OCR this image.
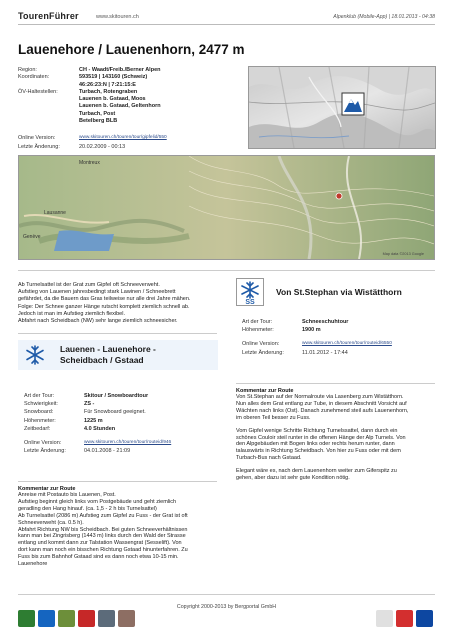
TourenFührer	www.skitouren.ch	Alpenklub (Mobile-App) | 18.01.2013 - 04:38
Lauenehore / Lauenenhorn, 2477 m
Region:	CH - Waadt/Freib./Berner Alpen
Koordinaten:	593519 | 143160 (Schweiz)
46:26:23:N | 7:21:15:E
ÖV-Haltestellen:	Turbach, Rotengraben
Lauenen b. Gstaad, Moos
Lauenen b. Gstaad, Geltenhorn
Turbach, Post
Betelberg BLB
Online Version:	www.skitouren.ch/touren/tour/gipfelid/550
Letzte Änderung:	20.02.2009 - 00:13
Montreux
Lausanne
Genève
Map data ©2013 Google
Ab Turnelsattel ist der Grat zum Gipfel oft Schneeverweht.
Aufstieg von Lauenen jahresbedingt stark Lawinen / Schneebrett
gefährdet, da die Bauern das Gras teilweise nur alle drei Jahre mähen.
Folge: Der Schnee ganzer Hänge rutscht komplett ziemlich schnell ab.
Jedoch ist man im Aufstieg ziemlich flexibel.
Abfahrt nach Scheidbach (NW) sehr lange ziemlich schneesicher.
SS
Von St.Stephan via Wistätthorn
Art der Tour:	Schneeschuhtour
Höhenmeter:	1900 m
Online Version:	www.skitouren.ch/touren/tour/routeid/6550
Letzte Änderung:	11.01.2012 - 17:44
Kommentar zur Route
Von St.Stephan auf der Normalroute via Lasenberg zum Wistätthorn.
Nun alles dem Grat entlang zur Tube, in diesem Abschnitt Vorsicht auf
Wächten nach links (Ost). Danach zunehmend steil aufs Lauenenhorn,
im oberen Teil besser zu Fuss.
Vom Gipfel wenige Schritte Richtung Turnelssattel, dann durch ein
schönes Couloir steil runter in die offenen Hänge der Alp Turnels. Von
den Alpgebäuden mit Bogen links oder rechts herum runter, dann
talauswärts in Richtung Scheidbach. Von hier zu Fuss oder mit dem
Turbach-Bus nach Gstaad.
Elegant wäre es, nach dem Lauenenhorn weiter zum Giferspitz zu
gehen, aber dazu ist sehr gute Kondition nötig.
Lauenen - Lauenehore -
Scheidbach / Gstaad
Art der Tour:	Skitour / Snowboardtour
Schwierigkeit:	ZS -
Snowboard:	Für Snowboard geeignet.
Höhenmeter:	1225 m
Zeitbedarf:	4.0 Stunden
Online Version:	www.skitouren.ch/touren/tour/routeid/946
Letzte Änderung:	04.01.2008 - 21:09
Kommentar zur Route
Anreise mit Postauto bis Lauenen, Post.
Aufstieg beginnt gleich links vom Postgebäude und geht ziemlich
geradling den Hang hinauf. (ca. 1,5 - 2 h bis Turnelsattel)
Ab Turnelsattel (2086 m) Aufstieg zum Gipfel zu Fuss - der Grat ist oft
Schneeverweht (ca. 0.5 h).
Abfahrt Richtung NW bis Scheidbach. Bei guten Schneeverhältnissen
kann man bei Zingrisberg (1443 m) links durch den Wald der Strasse
entlang und kommt dann zur Talstation Wassengrat (Sesselift). Von
dort kann man noch ein bisschen Richtung Gstaad hinunterfahren. Zu
Fuss bis zum Bahnhof Gstaad sind es dann noch etwa 10-15 min.
Lauenehore
Copyright 2000-2013 by Bergportal GmbH
